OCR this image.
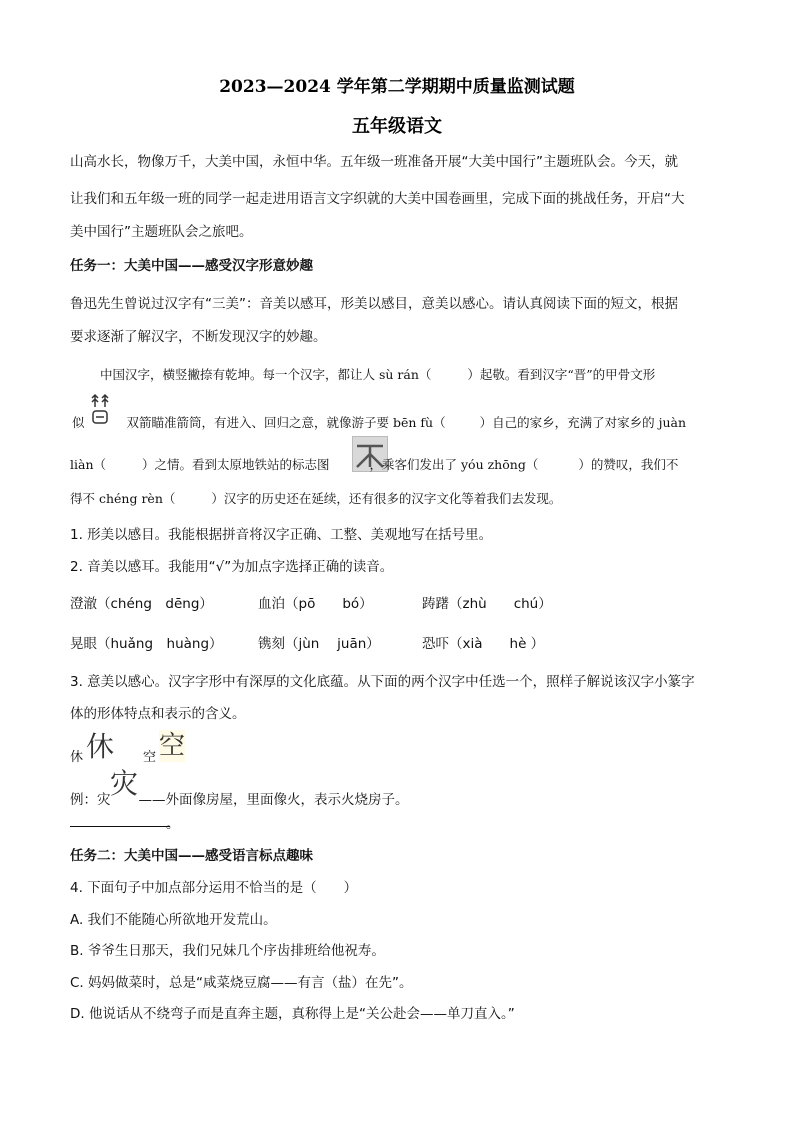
2023—2024 学年第二学期期中质量监测试题
五年级语文
山高水长，物像万千，大美中国，永恒中华。五年级一班准备开展“大美中国行”主题班队会。今天，就
让我们和五年级一班的同学一起走进用语言文字织就的大美中国卷画里，完成下面的挑战任务，开启“大
美中国行”主题班队会之旅吧。
任务一：大美中国——感受汉字形意妙趣
鲁迅先生曾说过汉字有“三美”：音美以感耳，形美以感目，意美以感心。请认真阅读下面的短文，根据
要求逐渐了解汉字，不断发现汉字的妙趣。
中国汉字，横竖撇捺有乾坤。每一个汉字，都让人 sù rán（	）起敬。看到汉字“晋”的甲骨文形
似	双箭瞄准箭筒，有进入、回归之意，就像游子要 bēn fù（	）自己的家乡，充满了对家乡的 juàn
liàn（	）之情。看到太原地铁站的标志图	，乘客们发出了 yóu zhōng（	）的赞叹，我们不
得不 chéng rèn（	）汉字的历史还在延续，还有很多的汉字文化等着我们去发现。
1. 形美以感目。我能根据拼音将汉字正确、工整、美观地写在括号里。
2. 音美以感耳。我能用“√”为加点字选择正确的读音。
澄澈（chéng　dēng）	血泊（pō　　bó）	踌躇（zhù　　chú）
晃眼（huǎng　huàng）	镌刻（jùn　 juān）	恐吓（xià　　hè ）
3. 意美以感心。汉字字形中有深厚的文化底蕴。从下面的两个汉字中任选一个，照样子解说该汉字小篆字
体的形体特点和表示的含义。
休 休 空 空
例：灾 ——外面像房屋，里面像火，表示火烧房子。
灾
。
任务二：大美中国——感受语言标点趣味
4. 下面句子中加点部分运用不恰当的是（　　）
A. 我们不能随心所欲地开发荒山。
B. 爷爷生日那天，我们兄妹几个序齿排班给他祝寿。
C. 妈妈做菜时，总是“咸菜烧豆腐——有言（盐）在先”。
D. 他说话从不绕弯子而是直奔主题，真称得上是“关公赴会——单刀直入。”
